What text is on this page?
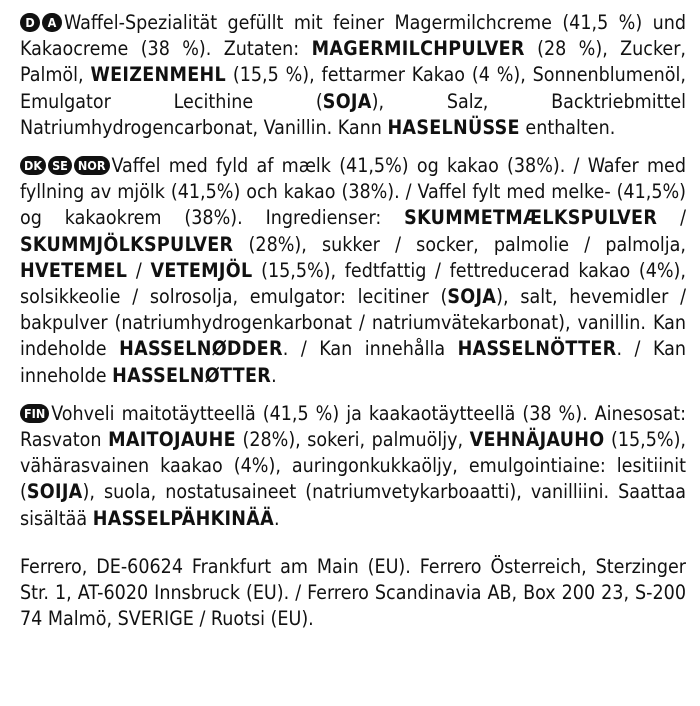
D A Waffel-Spezialität gefüllt mit feiner Magermilchcreme (41,5 %) und Kakaocreme (38 %). Zutaten: MAGERMILCHPULVER (28 %), Zucker, Palmöl, WEIZENMEHL (15,5 %), fettarmer Kakao (4 %), Sonnenblumenöl, Emulgator Lecithine (SOJA), Salz, Backtriebmittel Natriumhydrogencarbonat, Vanillin. Kann HASELNÜSSE enthalten.

DK SE NOR Vaffel med fyld af mælk (41,5%) og kakao (38%). / Wafer med fyllning av mjölk (41,5%) och kakao (38%). / Vaffel fylt med melke- (41,5%) og kakaokrem (38%). Ingredienser: SKUMMETMÆLKSPULVER / SKUMMJÖLKSPULVER (28%), sukker / socker, palmolie / palmolja, HVETEMEL / VETEMJÖL (15,5%), fedtfattig / fettreducerad kakao (4%), solsikkeolie / solrosolja, emulgator: lecitiner (SOJA), salt, hevemidler / bakpulver (natriumhydrogenkarbonat / natriumvätekarbonat), vanillin. Kan indeholde HASSELNØDDER. / Kan innehålla HASSELNÖTTER. / Kan inneholde HASSELNØTTER.

FIN Vohveli maitotäytteellä (41,5 %) ja kaakaotäytteellä (38 %). Ainesosat: Rasvaton MAITOJAUHE (28%), sokeri, palmuöljy, VEHNÄJAUHO (15,5%), vähärasvainen kaakao (4%), auringonkukkaöljy, emulgointiaine: lesitiinit (SOIJA), suola, nostatusaineet (natriumvetykarboaatti), vanilliini. Saattaa sisältää HASSELPÄHKINÄÄ.

Ferrero, DE-60624 Frankfurt am Main (EU). Ferrero Österreich, Sterzinger Str. 1, AT-6020 Innsbruck (EU). / Ferrero Scandinavia AB, Box 200 23, S-200 74 Malmö, SVERIGE / Ruotsi (EU).
